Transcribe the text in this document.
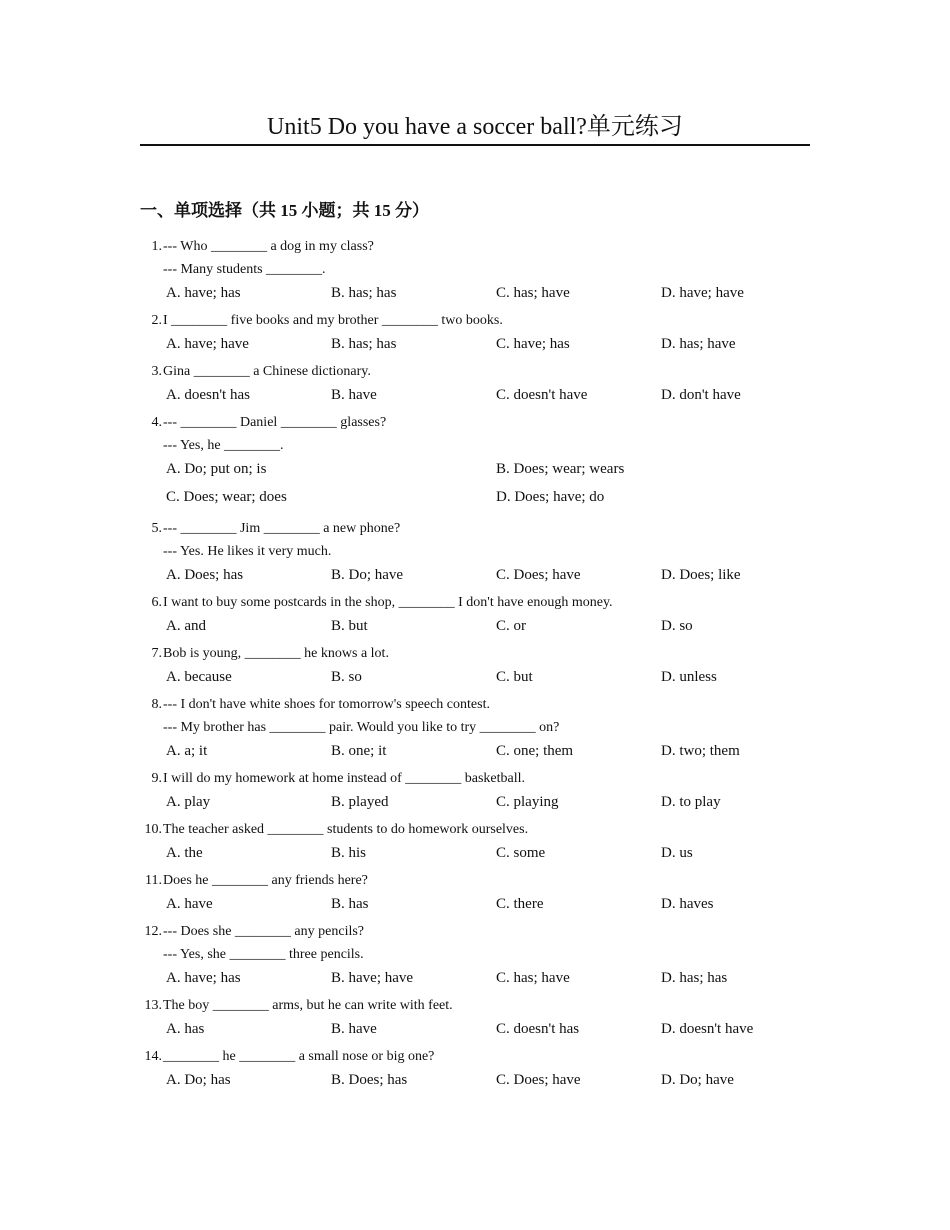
Unit5 Do you have a soccer ball?单元练习
一、单项选择（共 15 小题；共 15 分）
1.--- Who ________ a dog in my class?
--- Many students ________.
A. have; has	B. has; has	C. has; have	D. have; have
2.I ________ five books and my brother ________ two books.
A. have; have	B. has; has	C. have; has	D. has; have
3.Gina ________ a Chinese dictionary.
A. doesn't has	B. have	C. doesn't have	D. don't have
4.--- ________ Daniel ________ glasses?
--- Yes, he ________.
A. Do; put on; is	B. Does; wear; wears
C. Does; wear; does	D. Does; have; do
5.--- ________ Jim ________ a new phone?
--- Yes. He likes it very much.
A. Does; has	B. Do; have	C. Does; have	D. Does; like
6.I want to buy some postcards in the shop, ________ I don't have enough money.
A. and	B. but	C. or	D. so
7.Bob is young, ________ he knows a lot.
A. because	B. so	C. but	D. unless
8.--- I don't have white shoes for tomorrow's speech contest.
--- My brother has ________ pair. Would you like to try ________ on?
A. a; it	B. one; it	C. one; them	D. two; them
9.I will do my homework at home instead of ________ basketball.
A. play	B. played	C. playing	D. to play
10.The teacher asked ________ students to do homework ourselves.
A. the	B. his	C. some	D. us
11.Does he ________ any friends here?
A. have	B. has	C. there	D. haves
12.--- Does she ________ any pencils?
--- Yes, she ________ three pencils.
A. have; has	B. have; have	C. has; have	D. has; has
13.The boy ________ arms, but he can write with feet.
A. has	B. have	C. doesn't has	D. doesn't have
14.________ he ________ a small nose or big one?
A. Do; has	B. Does; has	C. Does; have	D. Do; have
